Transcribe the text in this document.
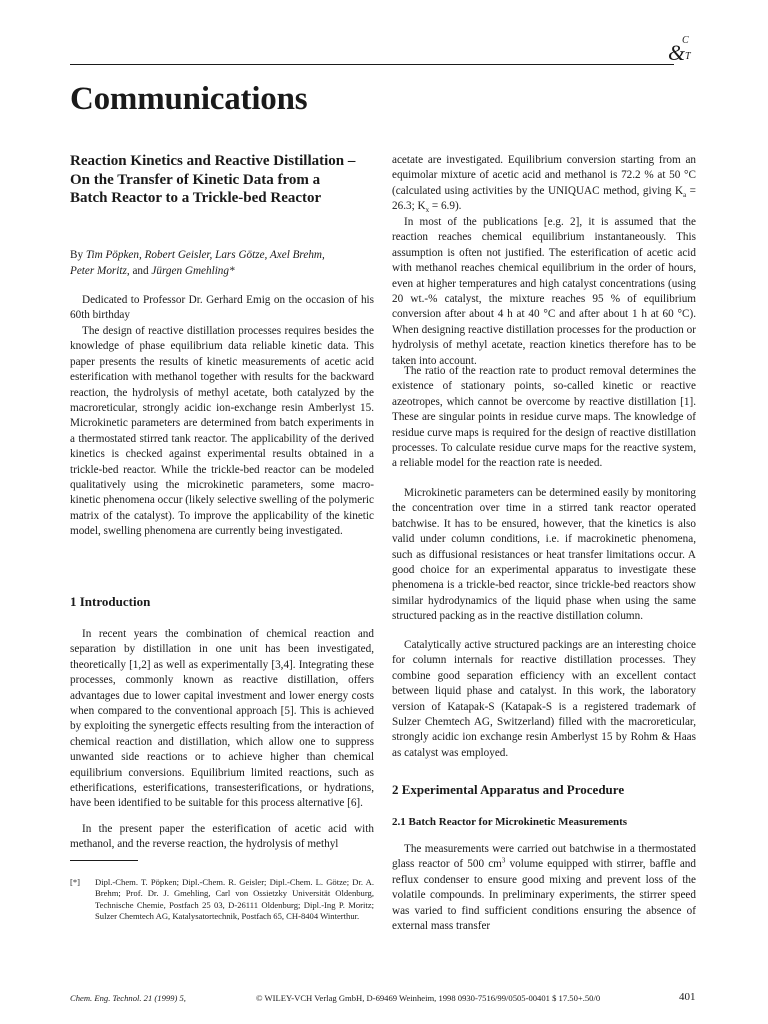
C
& T
Communications
Reaction Kinetics and Reactive Distillation – On the Transfer of Kinetic Data from a Batch Reactor to a Trickle-bed Reactor
By Tim Pöpken, Robert Geisler, Lars Götze, Axel Brehm,
Peter Moritz, and Jürgen Gmehling*
Dedicated to Professor Dr. Gerhard Emig on the occasion of his 60th birthday
The design of reactive distillation processes requires besides the knowledge of phase equilibrium data reliable kinetic data. This paper presents the results of kinetic measurements of acetic acid esterification with methanol together with results for the backward reaction, the hydrolysis of methyl acetate, both catalyzed by the macroreticular, strongly acidic ion-exchange resin Amberlyst 15. Microkinetic parameters are determined from batch experiments in a thermostated stirred tank reactor. The applicability of the derived kinetics is checked against experimental results obtained in a trickle-bed reactor. While the trickle-bed reactor can be modeled qualitatively using the microkinetic parameters, some macro-kinetic phenomena occur (likely selective swelling of the polymeric matrix of the catalyst). To improve the applicability of the kinetic model, swelling phenomena are currently being investigated.
1 Introduction
In recent years the combination of chemical reaction and separation by distillation in one unit has been investigated, theoretically [1,2] as well as experimentally [3,4]. Integrating these processes, commonly known as reactive distillation, offers advantages due to lower capital investment and lower energy costs when compared to the conventional approach [5]. This is achieved by exploiting the synergetic effects resulting from the interaction of chemical reaction and distillation, which allow one to suppress unwanted side reactions or to achieve higher than chemical equilibrium conversions. Equilibrium limited reactions, such as etherifications, esterifications, transesterifications, or hydrations, have been identified to be suitable for this process alternative [6].
In the present paper the esterification of acetic acid with methanol, and the reverse reaction, the hydrolysis of methyl
[*] Dipl.-Chem. T. Pöpken; Dipl.-Chem. R. Geisler; Dipl.-Chem. L. Götze; Dr. A. Brehm; Prof. Dr. J. Gmehling, Carl von Ossietzky Universität Oldenburg, Technische Chemie, Postfach 25 03, D-26111 Oldenburg; Dipl.-Ing P. Moritz; Sulzer Chemtech AG, Katalysatortechnik, Postfach 65, CH-8404 Winterthur.
acetate are investigated. Equilibrium conversion starting from an equimolar mixture of acetic acid and methanol is 72.2 % at 50 °C (calculated using activities by the UNIQUAC method, giving $K_a = 26.3$; $K_x = 6.9$).
In most of the publications [e.g. 2], it is assumed that the reaction reaches chemical equilibrium instantaneously. This assumption is often not justified. The esterification of acetic acid with methanol reaches chemical equilibrium in the order of hours, even at higher temperatures and high catalyst concentrations (using 20 wt.-% catalyst, the mixture reaches 95 % of equilibrium conversion after about 4 h at 40 °C and after about 1 h at 60 °C). When designing reactive distillation processes for the production or hydrolysis of methyl acetate, reaction kinetics therefore has to be taken into account.
The ratio of the reaction rate to product removal determines the existence of stationary points, so-called kinetic or reactive azeotropes, which cannot be overcome by reactive distillation [1]. These are singular points in residue curve maps. The knowledge of residue curve maps is required for the design of reactive distillation processes. To calculate residue curve maps for the reactive system, a reliable model for the reaction rate is needed.
Microkinetic parameters can be determined easily by monitoring the concentration over time in a stirred tank reactor operated batchwise. It has to be ensured, however, that the kinetics is also valid under column conditions, i.e. if macrokinetic phenomena, such as diffusional resistances or heat transfer limitations occur. A good choice for an experimental apparatus to investigate these phenomena is a trickle-bed reactor, since trickle-bed reactors show similar hydrodynamics of the liquid phase when using the same structured packing as in the reactive distillation column.
Catalytically active structured packings are an interesting choice for column internals for reactive distillation processes. They combine good separation efficiency with an excellent contact between liquid phase and catalyst. In this work, the laboratory version of Katapak-S (Katapak-S is a registered trademark of Sulzer Chemtech AG, Switzerland) filled with the macroreticular, strongly acidic ion exchange resin Amberlyst 15 by Rohm & Haas as catalyst was employed.
2 Experimental Apparatus and Procedure
2.1 Batch Reactor for Microkinetic Measurements
The measurements were carried out batchwise in a thermostated glass reactor of 500 $cm^3$ volume equipped with stirrer, baffle and reflux condenser to ensure good mixing and prevent loss of the volatile compounds. In preliminary experiments, the stirrer speed was varied to find sufficient conditions ensuring the absence of external mass transfer
Chem. Eng. Technol. 21 (1999) 5,	© WILEY-VCH Verlag GmbH, D-69469 Weinheim, 1998 0930-7516/99/0505-00401 $ 17.50+.50/0	401
